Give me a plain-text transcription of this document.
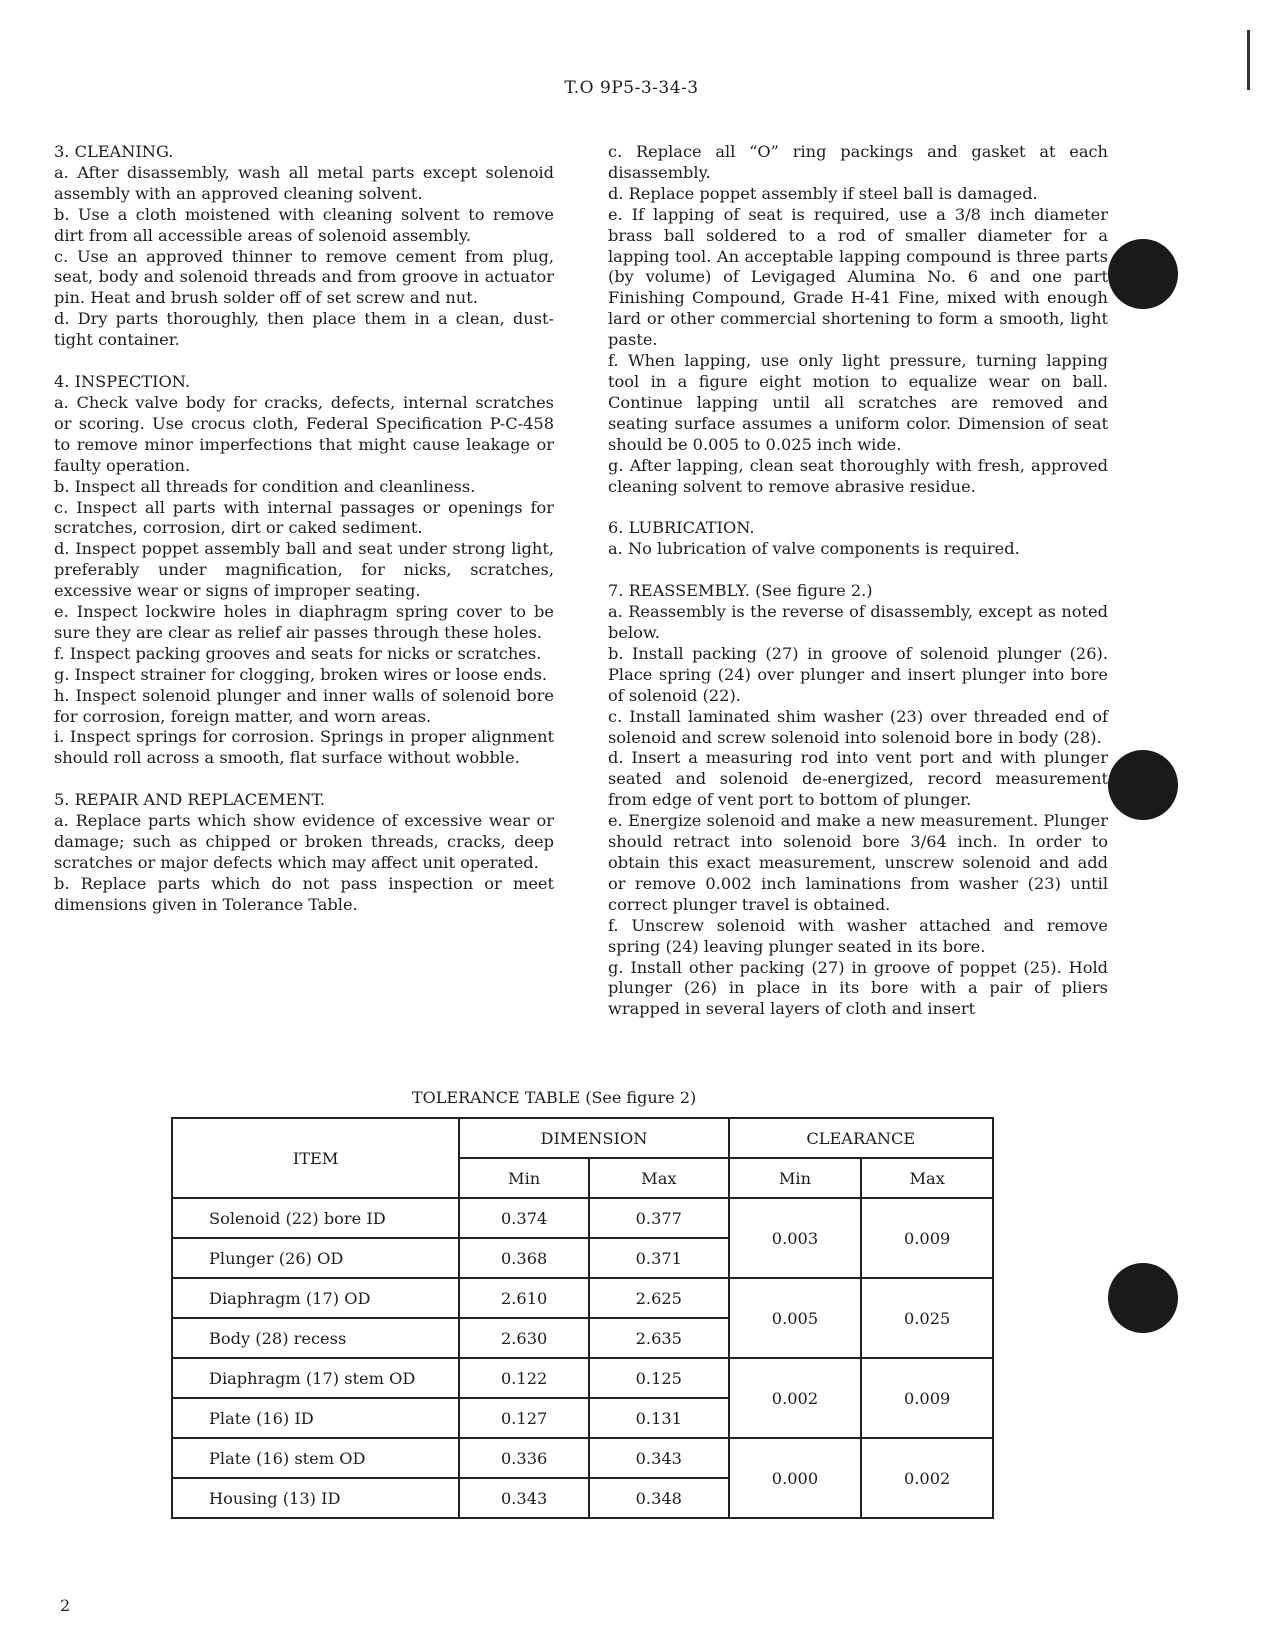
T.O 9P5-3-34-3

3. CLEANING.

a. After disassembly, wash all metal parts except solenoid assembly with an approved cleaning solvent.

b. Use a cloth moistened with cleaning solvent to remove dirt from all accessible areas of solenoid assembly.

c. Use an approved thinner to remove cement from plug, seat, body and solenoid threads and from groove in actuator pin. Heat and brush solder off of set screw and nut.

d. Dry parts thoroughly, then place them in a clean, dust-tight container.

4. INSPECTION.

a. Check valve body for cracks, defects, internal scratches or scoring. Use crocus cloth, Federal Specification P-C-458 to remove minor imperfections that might cause leakage or faulty operation.

b. Inspect all threads for condition and cleanliness.

c. Inspect all parts with internal passages or openings for scratches, corrosion, dirt or caked sediment.

d. Inspect poppet assembly ball and seat under strong light, preferably under magnification, for nicks, scratches, excessive wear or signs of improper seating.

e. Inspect lockwire holes in diaphragm spring cover to be sure they are clear as relief air passes through these holes.

f. Inspect packing grooves and seats for nicks or scratches.

g. Inspect strainer for clogging, broken wires or loose ends.

h. Inspect solenoid plunger and inner walls of solenoid bore for corrosion, foreign matter, and worn areas.

i. Inspect springs for corrosion. Springs in proper alignment should roll across a smooth, flat surface without wobble.

5. REPAIR AND REPLACEMENT.

a. Replace parts which show evidence of excessive wear or damage; such as chipped or broken threads, cracks, deep scratches or major defects which may affect unit operated.

b. Replace parts which do not pass inspection or meet dimensions given in Tolerance Table.

c. Replace all “O” ring packings and gasket at each disassembly.

d. Replace poppet assembly if steel ball is damaged.

e. If lapping of seat is required, use a 3/8 inch diameter brass ball soldered to a rod of smaller diameter for a lapping tool. An acceptable lapping compound is three parts (by volume) of Levigaged Alumina No. 6 and one part Finishing Compound, Grade H-41 Fine, mixed with enough lard or other commercial shortening to form a smooth, light paste.

f. When lapping, use only light pressure, turning lapping tool in a figure eight motion to equalize wear on ball. Continue lapping until all scratches are removed and seating surface assumes a uniform color. Dimension of seat should be 0.005 to 0.025 inch wide.

g. After lapping, clean seat thoroughly with fresh, approved cleaning solvent to remove abrasive residue.

6. LUBRICATION.

a. No lubrication of valve components is required.

7. REASSEMBLY. (See figure 2.)

a. Reassembly is the reverse of disassembly, except as noted below.

b. Install packing (27) in groove of solenoid plunger (26). Place spring (24) over plunger and insert plunger into bore of solenoid (22).

c. Install laminated shim washer (23) over threaded end of solenoid and screw solenoid into solenoid bore in body (28).

d. Insert a measuring rod into vent port and with plunger seated and solenoid de-energized, record measurement from edge of vent port to bottom of plunger.

e. Energize solenoid and make a new measurement. Plunger should retract into solenoid bore 3/64 inch. In order to obtain this exact measurement, unscrew solenoid and add or remove 0.002 inch laminations from washer (23) until correct plunger travel is obtained.

f. Unscrew solenoid with washer attached and remove spring (24) leaving plunger seated in its bore.

g. Install other packing (27) in groove of poppet (25). Hold plunger (26) in place in its bore with a pair of pliers wrapped in several layers of cloth and insert

TOLERANCE TABLE (See figure 2)
ITEM	DIMENSION		CLEARANCE	
	Min	Max	Min	Max
Solenoid (22) bore ID	0.374	0.377	0.003	0.009
Plunger (26) OD	0.368	0.371		
Diaphragm (17) OD	2.610	2.625	0.005	0.025
Body (28) recess	2.630	2.635		
Diaphragm (17) stem OD	0.122	0.125	0.002	0.009
Plate (16) ID	0.127	0.131		
Plate (16) stem OD	0.336	0.343	0.000	0.002
Housing (13) ID	0.343	0.348		
2
